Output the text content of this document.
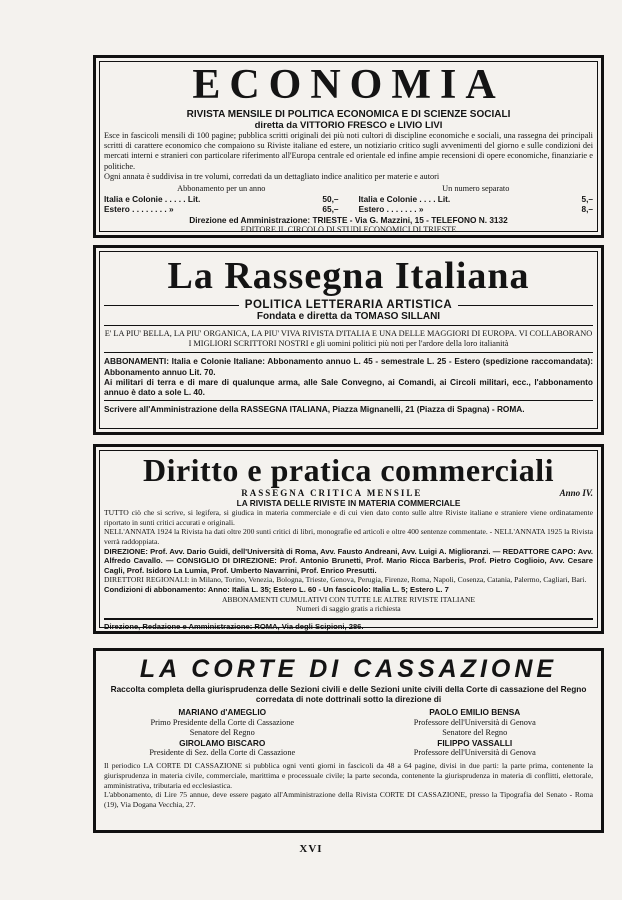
ECONOMIA
RIVISTA MENSILE DI POLITICA ECONOMICA E DI SCIENZE SOCIALI
diretta da VITTORIO FRESCO e LIVIO LIVI

Esce in fascicoli mensili di 100 pagine; pubblica scritti originali dei più noti cultori di discipline economiche e sociali, una rassegna dei principali scritti di carattere economico che compaiono su Riviste italiane ed estere, un notiziario critico sugli avvenimenti del giorno e sulle condizioni dei mercati interni e stranieri con particolare riferimento all'Europa centrale ed orientale ed infine ampie recensioni di opere economiche, finanziarie e politiche.

Ogni annata è suddivisa in tre volumi, corredati da un dettagliato indice analitico per materie e autori

Abbonamento per un anno
Italia e Colonie . . . . . Lit.	50,–
Estero . . . . . . . . »	65,–
Un numero separato
Italia e Colonie . . . . Lit.	5,–
Estero . . . . . . . »	8,–
Direzione ed Amministrazione: TRIESTE - Via G. Mazzini, 15 - TELEFONO N. 3132
EDITORE IL CIRCOLO DI STUDI ECONOMICI DI TRIESTE
La Rassegna Italiana
POLITICA LETTERARIA ARTISTICA
Fondata e diretta da TOMASO SILLANI

E' LA PIU' BELLA, LA PIU' ORGANICA, LA PIU' VIVA RIVISTA D'ITALIA E UNA DELLE MAGGIORI DI EUROPA. VI COLLABORANO I MIGLIORI SCRITTORI NOSTRI e gli uomini politici più noti per l'ardore della loro italianità

ABBONAMENTI: Italia e Colonie Italiane: Abbonamento annuo L. 45 - semestrale L. 25 - Estero (spedizione raccomandata): Abbonamento annuo Lit. 70.

Ai militari di terra e di mare di qualunque arma, alle Sale Convegno, ai Comandi, ai Circoli militari, ecc., l'abbonamento annuo è dato a sole L. 40.

Scrivere all'Amministrazione della RASSEGNA ITALIANA, Piazza Mignanelli, 21 (Piazza di Spagna) - ROMA.

Diritto e pratica commerciali
RASSEGNA CRITICA MENSILE	Anno IV.
LA RIVISTA DELLE RIVISTE IN MATERIA COMMERCIALE

TUTTO ciò che si scrive, si legifera, si giudica in materia commerciale e di cui vien dato conto sulle altre Riviste italiane e straniere viene ordinatamente riportato in sunti critici accurati e originali.

NELL'ANNATA 1924 la Rivista ha dati oltre 200 sunti critici di libri, monografie ed articoli e oltre 400 sentenze commentate. - NELL'ANNATA 1925 la Rivista verrà raddoppiata.

DIREZIONE: Prof. Avv. Dario Guidi, dell'Università di Roma, Avv. Fausto Andreani, Avv. Luigi A. Miglioranzi. — REDATTORE CAPO: Avv. Alfredo Cavallo. — CONSIGLIO DI DIREZIONE: Prof. Antonio Brunetti, Prof. Mario Ricca Barberis, Prof. Pietro Coglioio, Avv. Cesare Cagli, Prof. Isidoro La Lumia, Prof. Umberto Navarrini, Prof. Enrico Presutti.

DIRETTORI REGIONALI: in Milano, Torino, Venezia, Bologna, Trieste, Genova, Perugia, Firenze, Roma, Napoli, Cosenza, Catania, Palermo, Cagliari, Bari.

Condizioni di abbonamento: Anno: Italia L. 35; Estero L. 60 - Un fascicolo: Italia L. 5; Estero L. 7

ABBONAMENTI CUMULATIVI CON TUTTE LE ALTRE RIVISTE ITALIANE

Numeri di saggio gratis a richiesta

Direzione, Redazione e Amministrazione: ROMA, Via degli Scipioni, 286.
LA CORTE DI CASSAZIONE
Raccolta completa della giurisprudenza delle Sezioni civili e delle Sezioni unite civili della Corte di cassazione del Regno
corredata di note dottrinali sotto la direzione di
MARIANO d'AMEGLIO
Primo Presidente della Corte di Cassazione
Senatore del Regno
PAOLO EMILIO BENSA
Professore dell'Università di Genova
Senatore del Regno
GIROLAMO BISCARO
Presidente di Sez. della Corte di Cassazione
FILIPPO VASSALLI
Professore dell'Università di Genova

Il periodico LA CORTE DI CASSAZIONE si pubblica ogni venti giorni in fascicoli da 48 a 64 pagine, divisi in due parti: la parte prima, contenente la giurisprudenza in materia civile, commerciale, marittima e processuale civile; la parte seconda, contenente la giurisprudenza in materia di conflitti, elettorale, amministrativa, tributaria ed ecclesiastica.

L'abbonamento, di Lire 75 annue, deve essere pagato all'Amministrazione della Rivista CORTE DI CASSAZIONE, presso la Tipografia del Senato - Roma (19), Via Dogana Vecchia, 27.

XVI
